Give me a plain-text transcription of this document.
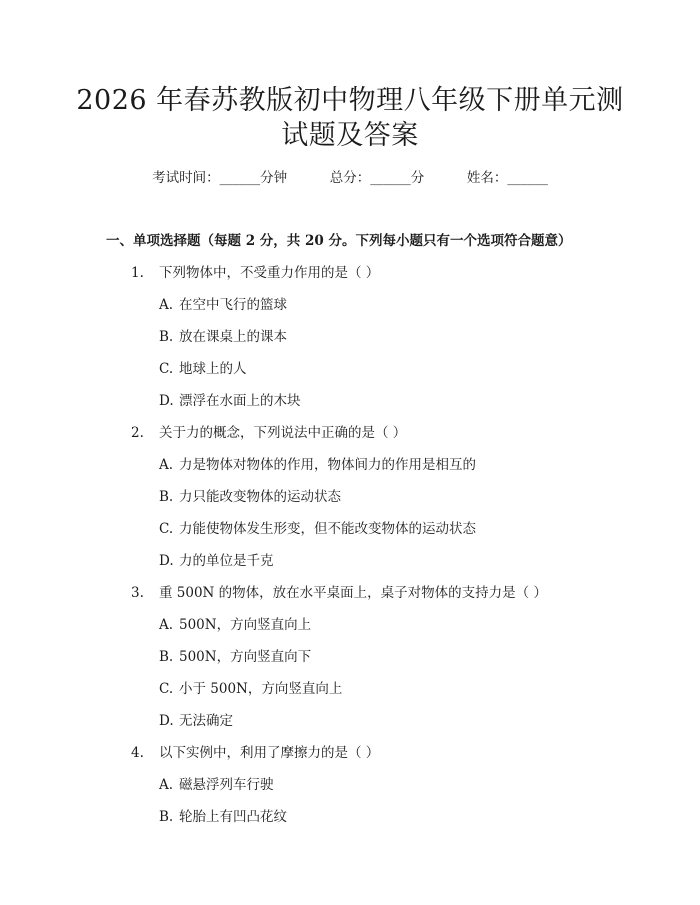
2026 年春苏教版初中物理八年级下册单元测
试题及答案
考试时间：______分钟	总分：______分	姓名：______
一、单项选择题（每题 2 分，共 20 分。下列每小题只有一个选项符合题意）
1. 下列物体中，不受重力作用的是（ ）
A. 在空中飞行的篮球
B. 放在课桌上的课本
C. 地球上的人
D. 漂浮在水面上的木块
2. 关于力的概念，下列说法中正确的是（ ）
A. 力是物体对物体的作用，物体间力的作用是相互的
B. 力只能改变物体的运动状态
C. 力能使物体发生形变，但不能改变物体的运动状态
D. 力的单位是千克
3. 重 500N 的物体，放在水平桌面上，桌子对物体的支持力是（ ）
A. 500N，方向竖直向上
B. 500N，方向竖直向下
C. 小于 500N，方向竖直向上
D. 无法确定
4. 以下实例中，利用了摩擦力的是（ ）
A. 磁悬浮列车行驶
B. 轮胎上有凹凸花纹
